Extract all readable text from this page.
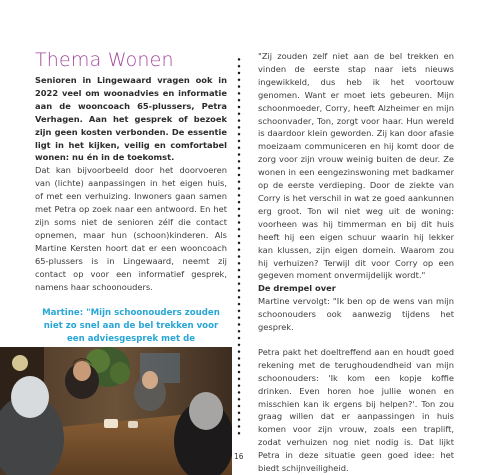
Thema Wonen

Senioren in Lingewaard vragen ook in 2022 veel om woonadvies en informatie aan de wooncoach 65-plussers, Petra Verhagen. Aan het gesprek of bezoek zijn geen kosten verbonden. De essentie ligt in het kijken, veilig en comfortabel wonen: nu én in de toekomst.

Dat kan bijvoorbeeld door het doorvoeren van (lichte) aanpassingen in het eigen huis, of met een verhuizing. Inwoners gaan samen met Petra op zoek naar een antwoord. En het zijn soms niet de senioren zélf die contact opnemen, maar hun (schoon)kinderen. Als Martine Kersten hoort dat er een wooncoach 65-plussers is in Lingewaard, neemt zij contact op voor een informatief gesprek, namens haar schoonouders.

Martine: "Mijn schoonouders zouden niet zo snel aan de bel trekken voor een adviesgesprek met de

"Zij zouden zelf niet aan de bel trekken en vinden de eerste stap naar iets nieuws ingewikkeld, dus heb ik het voortouw genomen. Want er moet iets gebeuren. Mijn schoonmoeder, Corry, heeft Alzheimer en mijn schoonvader, Ton, zorgt voor haar. Hun wereld is daardoor klein geworden. Zij kan door afasie moeizaam communiceren en hij komt door de zorg voor zijn vrouw weinig buiten de deur. Ze wonen in een eengezinswoning met badkamer op de eerste verdieping. Door de ziekte van Corry is het verschil in wat ze goed aankunnen erg groot. Ton wil niet weg uit de woning: voorheen was hij timmerman en bij dit huis heeft hij een eigen schuur waarin hij lekker kan klussen, zijn eigen domein. Waarom zou hij verhuizen? Terwijl dit voor Corry op een gegeven moment onvermijdelijk wordt."

De drempel over

Martine vervolgt: "Ik ben op de wens van mijn schoonouders ook aanwezig tijdens het gesprek.

Petra pakt het doeltreffend aan en houdt goed rekening met de terughoudendheid van mijn schoonouders: 'Ik kom een kopje koffie drinken. Even horen hoe jullie wonen en misschien kan ik ergens bij helpen?'. Ton zou graag willen dat er aanpassingen in huis komen voor zijn vrouw, zoals een traplift, zodat verhuizen nog niet nodig is. Dat lijkt Petra in deze situatie geen goed idee: het biedt schijnveiligheid.

16
